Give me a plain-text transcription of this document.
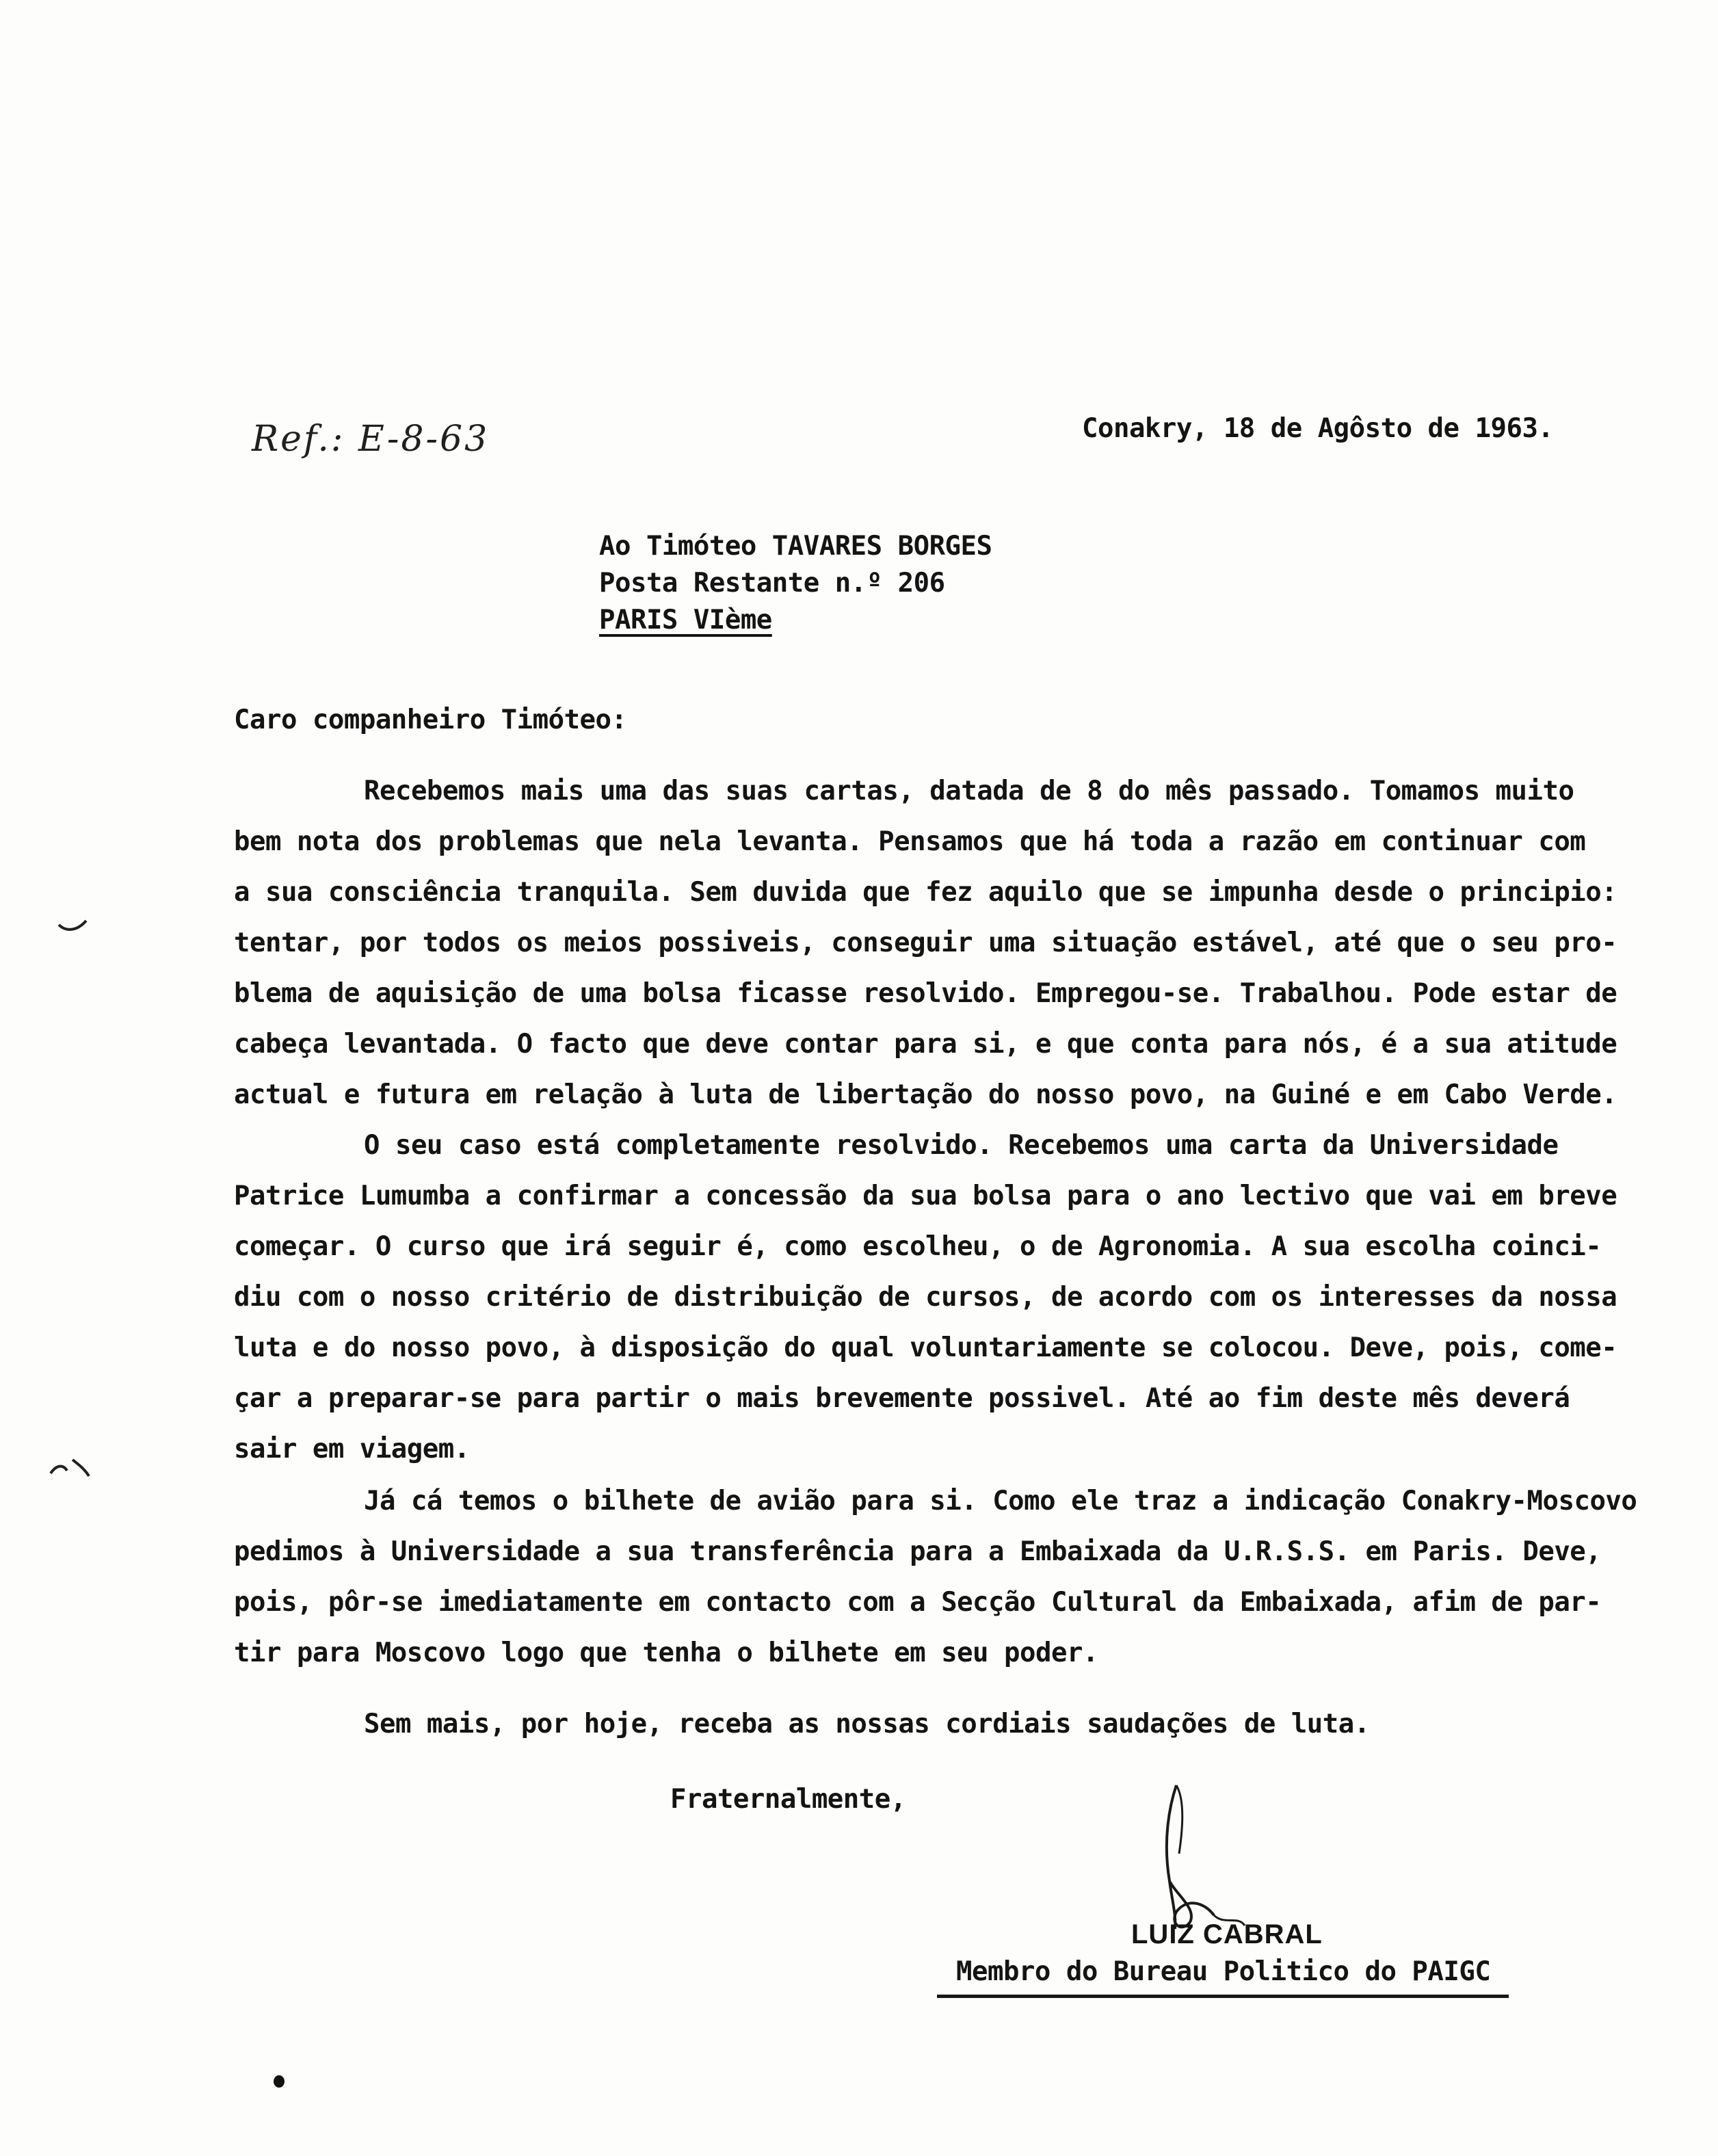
Ref.: E-8-63	Conakry, 18 de Agôsto de 1963.
Ao Timóteo TAVARES BORGES
Posta Restante n.º 206
PARIS VIème
Caro companheiro Timóteo:
Recebemos mais uma das suas cartas, datada de 8 do mês passado. Tomamos muito
bem nota dos problemas que nela levanta. Pensamos que há toda a razão em continuar com
a sua consciência tranquila. Sem duvida que fez aquilo que se impunha desde o principio:
tentar, por todos os meios possiveis, conseguir uma situação estável, até que o seu pro-
blema de aquisição de uma bolsa ficasse resolvido. Empregou-se. Trabalhou. Pode estar de
cabeça levantada. O facto que deve contar para si, e que conta para nós, é a sua atitude
actual e futura em relação à luta de libertação do nosso povo, na Guiné e em Cabo Verde.
O seu caso está completamente resolvido. Recebemos uma carta da Universidade
Patrice Lumumba a confirmar a concessão da sua bolsa para o ano lectivo que vai em breve
começar. O curso que irá seguir é, como escolheu, o de Agronomia. A sua escolha coinci-
diu com o nosso critério de distribuição de cursos, de acordo com os interesses da nossa
luta e do nosso povo, à disposição do qual voluntariamente se colocou. Deve, pois, come-
çar a preparar-se para partir o mais brevemente possivel. Até ao fim deste mês deverá
sair em viagem.
Já cá temos o bilhete de avião para si. Como ele traz a indicação Conakry-Moscovo
pedimos à Universidade a sua transferência para a Embaixada da U.R.S.S. em Paris. Deve,
pois, pôr-se imediatamente em contacto com a Secção Cultural da Embaixada, afim de par-
tir para Moscovo logo que tenha o bilhete em seu poder.
Sem mais, por hoje, receba as nossas cordiais saudações de luta.
Fraternalmente,
LUIZ CABRAL
Membro do Bureau Politico do PAIGC
